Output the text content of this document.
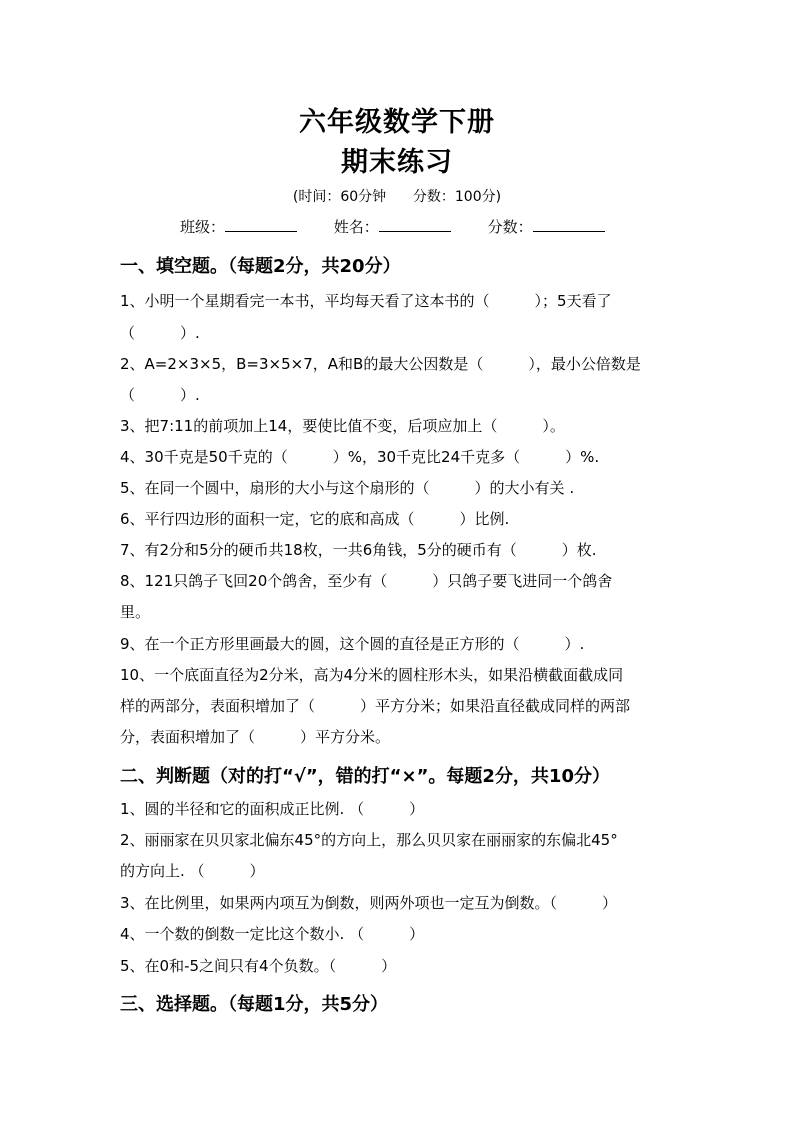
六年级数学下册
期末练习
(时间：60分钟 分数：100分)
班级：	姓名：	分数：
一、填空题。（每题2分，共20分）
1、小明一个星期看完一本书，平均每天看了这本书的（　　　）；5天看了
（　　　）.
2、A=2×3×5，B=3×5×7，A和B的最大公因数是（　　　），最小公倍数是
（　　　）.
3、把7:11的前项加上14，要使比值不变，后项应加上（　　　）。
4、30千克是50千克的（　　　）%，30千克比24千克多（　　　）%.
5、在同一个圆中，扇形的大小与这个扇形的（　　　）的大小有关 .
6、平行四边形的面积一定，它的底和高成（　　　）比例.
7、有2分和5分的硬币共18枚，一共6角钱，5分的硬币有（　　　）枚.
8、121只鸽子飞回20个鸽舍，至少有（　　　）只鸽子要飞进同一个鸽舍
里。
9、在一个正方形里画最大的圆，这个圆的直径是正方形的（　　　）.
10、一个底面直径为2分米，高为4分米的圆柱形木头，如果沿横截面截成同
样的两部分，表面积增加了（　　　）平方分米；如果沿直径截成同样的两部
分，表面积增加了（　　　）平方分米。
二、判断题（对的打“√”，错的打“×”。每题2分，共10分）
1、圆的半径和它的面积成正比例. （　　　）
2、丽丽家在贝贝家北偏东45°的方向上，那么贝贝家在丽丽家的东偏北45°
的方向上. （　　　）
3、在比例里，如果两内项互为倒数，则两外项也一定互为倒数。（　　　）
4、一个数的倒数一定比这个数小. （　　　）
5、在0和-5之间只有4个负数。（　　　）
三、选择题。（每题1分，共5分）
